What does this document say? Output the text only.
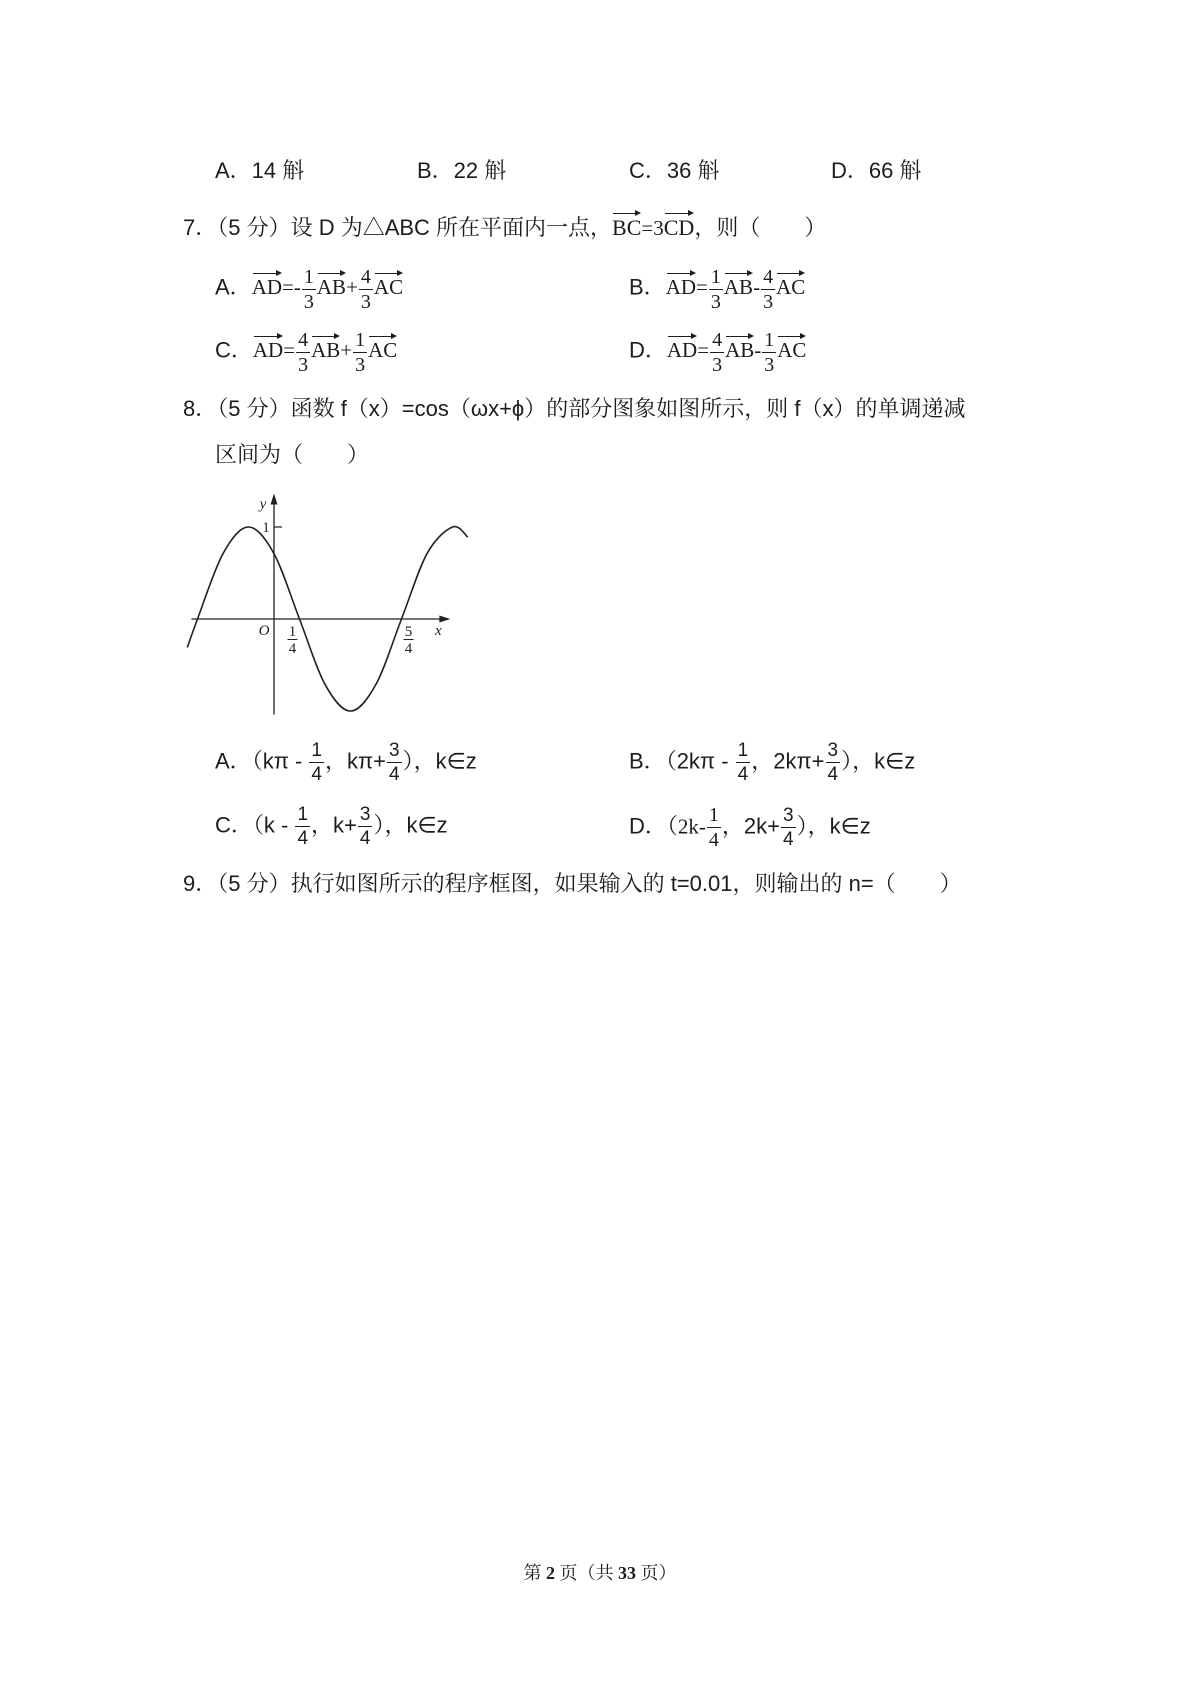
A．14 斛	B．22 斛	C．36 斛	D．66 斛
7．（5 分）设 D 为△ABC 所在平面内一点，BC=3CD，则（　　）
A．$AD=- \frac{1}{3} AB+ \frac{4}{3}$ AC	B．$AD= \frac{1}{3} AB- \frac{4}{3}$ AC
C．$AD= \frac{4}{3} AB+ \frac{1}{3}$ AC	D．$AD= \frac{4}{3} AB- \frac{1}{3}$ AC
8．（5 分）函数 f（x）=cos（ωx+ϕ）的部分图象如图所示，则 f（x）的单调递减
区间为（　　）
y
x
O
1
1
4
5
4
A．（$k\pi - \frac{1}{4}$ ，$k\pi+ \frac{3}{4}$ ），k∈z	B．（$2k\pi - \frac{1}{4}$ ，$2k\pi+ \frac{3}{4}$ ），k∈z
C．（$k - \frac{1}{4}$ ，$k+ \frac{3}{4}$ ），k∈z	D．（$2k- \frac{1}{4}$ ，$2k+ \frac{3}{4}$ ），k∈z
9．（5 分）执行如图所示的程序框图，如果输入的 t=0.01，则输出的 n=（　　）
第 2 页（共 33 页）
